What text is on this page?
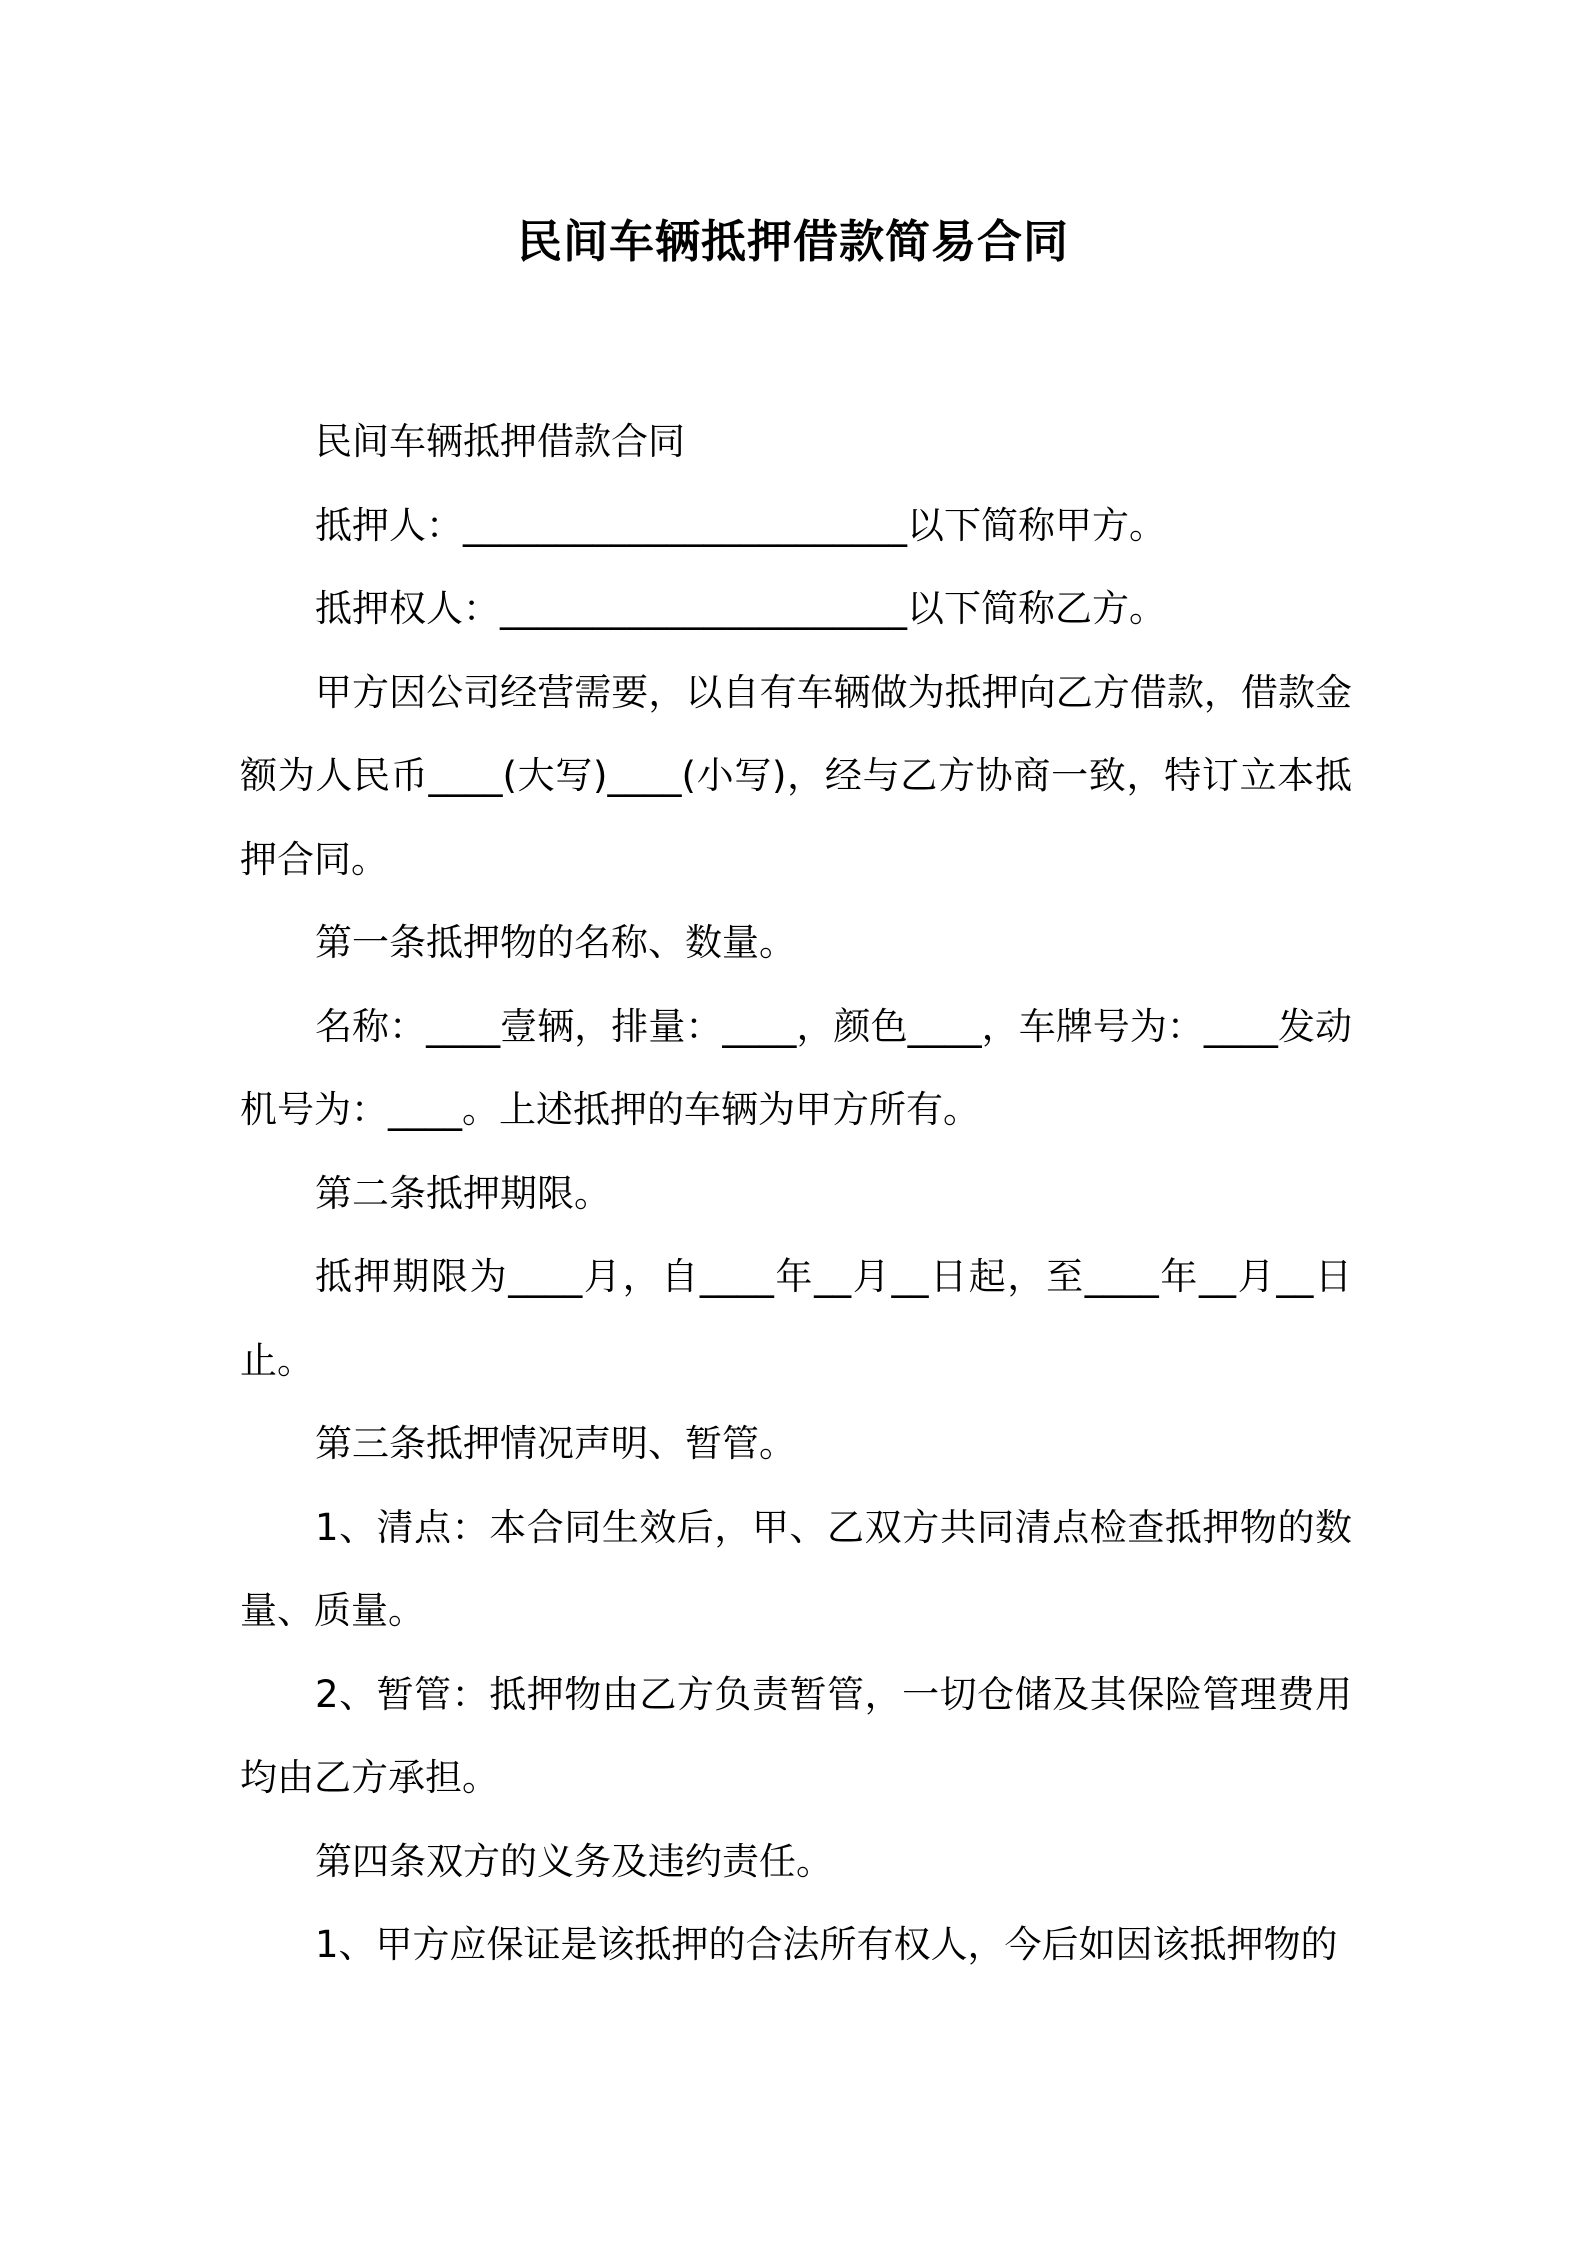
民间车辆抵押借款简易合同

民间车辆抵押借款合同

抵押人：________________________以下简称甲方。

抵押权人：______________________以下简称乙方。

甲方因公司经营需要，以自有车辆做为抵押向乙方借款，借款金额为人民币____(大写)____(小写)，经与乙方协商一致，特订立本抵押合同。

第一条抵押物的名称、数量。

名称：____壹辆，排量：____，颜色____，车牌号为：____发动机号为：____。上述抵押的车辆为甲方所有。

第二条抵押期限。

抵押期限为____月，自____年__月__日起，至____年__月__日止。

第三条抵押情况声明、暂管。

1、清点：本合同生效后，甲、乙双方共同清点检查抵押物的数量、质量。

2、暂管：抵押物由乙方负责暂管，一切仓储及其保险管理费用均由乙方承担。

第四条双方的义务及违约责任。

1、甲方应保证是该抵押的合法所有权人，今后如因该抵押物的
